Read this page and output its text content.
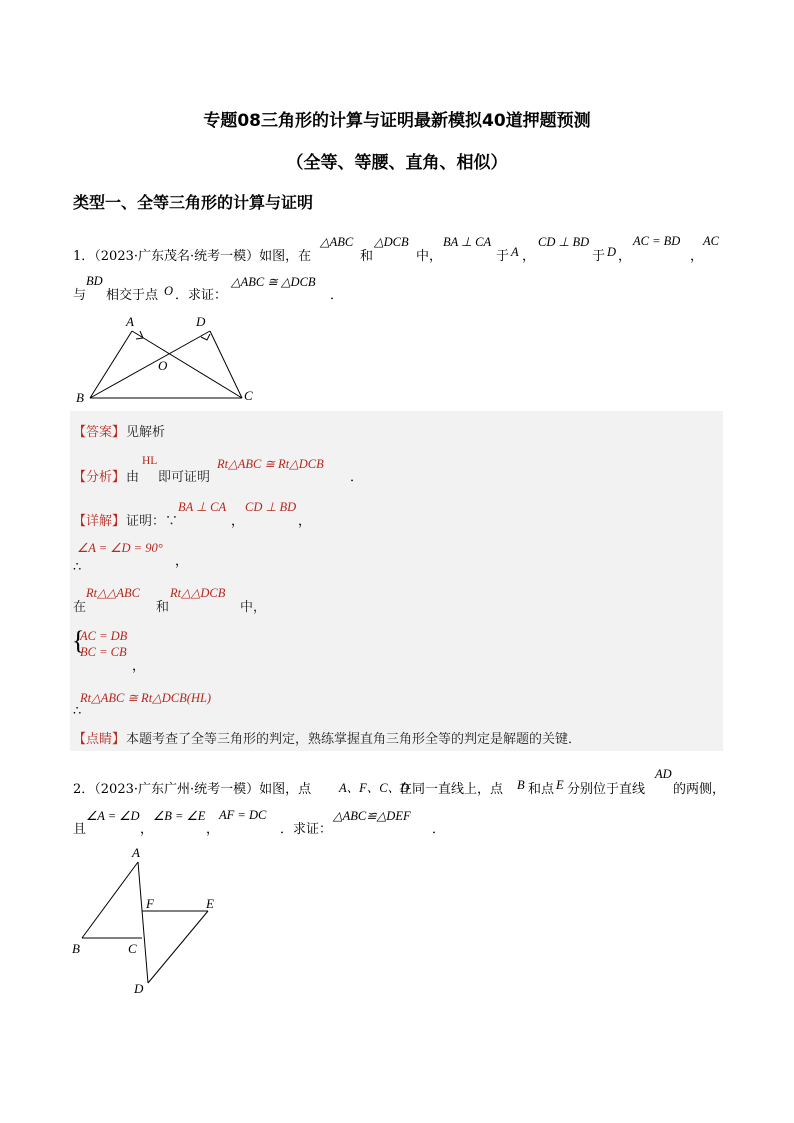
专题08三角形的计算与证明最新模拟40道押题预测
（全等、等腰、直角、相似）
类型一、全等三角形的计算与证明
1．（2023·广东茂名·统考一模）如图，在
△ABC
和
△DCB
中，
BA ⊥ CA
于 A ，
CD ⊥ BD
于 D ，
AC = BD
，
AC
与
BD
相交于点 O ．求证：
△ABC ≅ △DCB
．
A	D
O
B	C
【答案】 见解析
【分析】 由
HL
即可证明
Rt△ABC ≅ Rt△DCB
．
【详解】 证明：∵
BA ⊥ CA
，
CD ⊥ BD
，
∠A = ∠D = 90°
，
∴
在
Rt△△ABC
和
Rt△△DCB
中，
{
AC = DB
BC = CB
，
Rt△ABC ≅ Rt△DCB(HL)
∴
【点睛】 本题考查了全等三角形的判定，熟练掌握直角三角形全等的判定是解题的关键．
2．（2023·广东广州·统考一模）如图，点 A、F、C、D
在同一直线上，点 B 和点 E 分别位于直线
AD
的两侧，
且
∠A = ∠D
，
∠B = ∠E
，
AF = DC
．求证：
△ABC≌△DEF
．
A
F	E
B	C
D
